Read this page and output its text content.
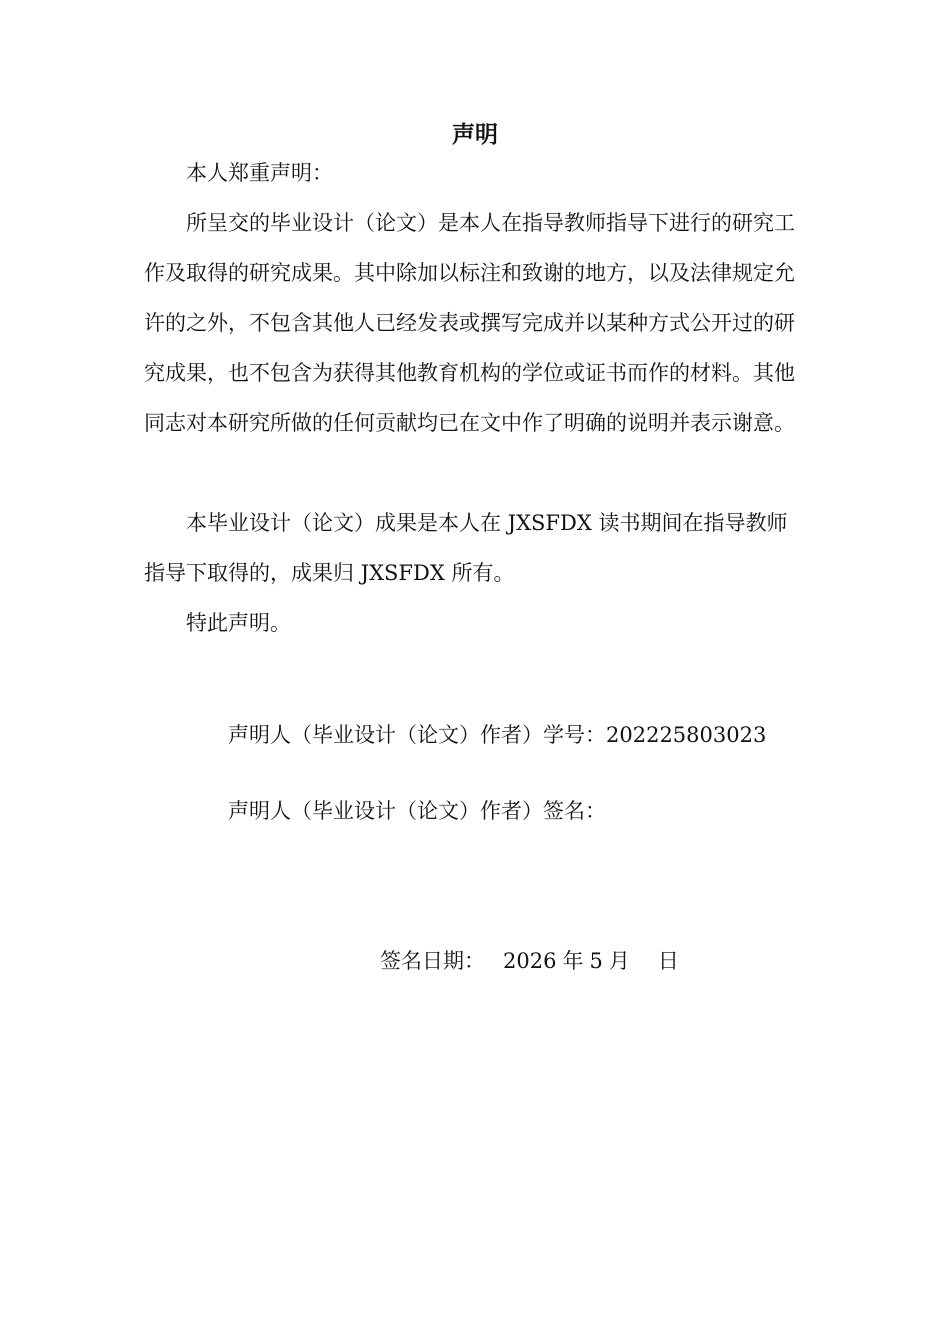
声明
本人郑重声明：
所呈交的毕业设计（论文）是本人在指导教师指导下进行的研究工作及取得的研究成果。其中除加以标注和致谢的地方，以及法律规定允许的之外，不包含其他人已经发表或撰写完成并以某种方式公开过的研究成果，也不包含为获得其他教育机构的学位或证书而作的材料。其他同志对本研究所做的任何贡献均已在文中作了明确的说明并表示谢意。
本毕业设计（论文）成果是本人在 JXSFDX 读书期间在指导教师指导下取得的，成果归 JXSFDX 所有。
特此声明。
声明人（毕业设计（论文）作者）学号：202225803023
声明人（毕业设计（论文）作者）签名：
签名日期： 2026 年 5 月 日
